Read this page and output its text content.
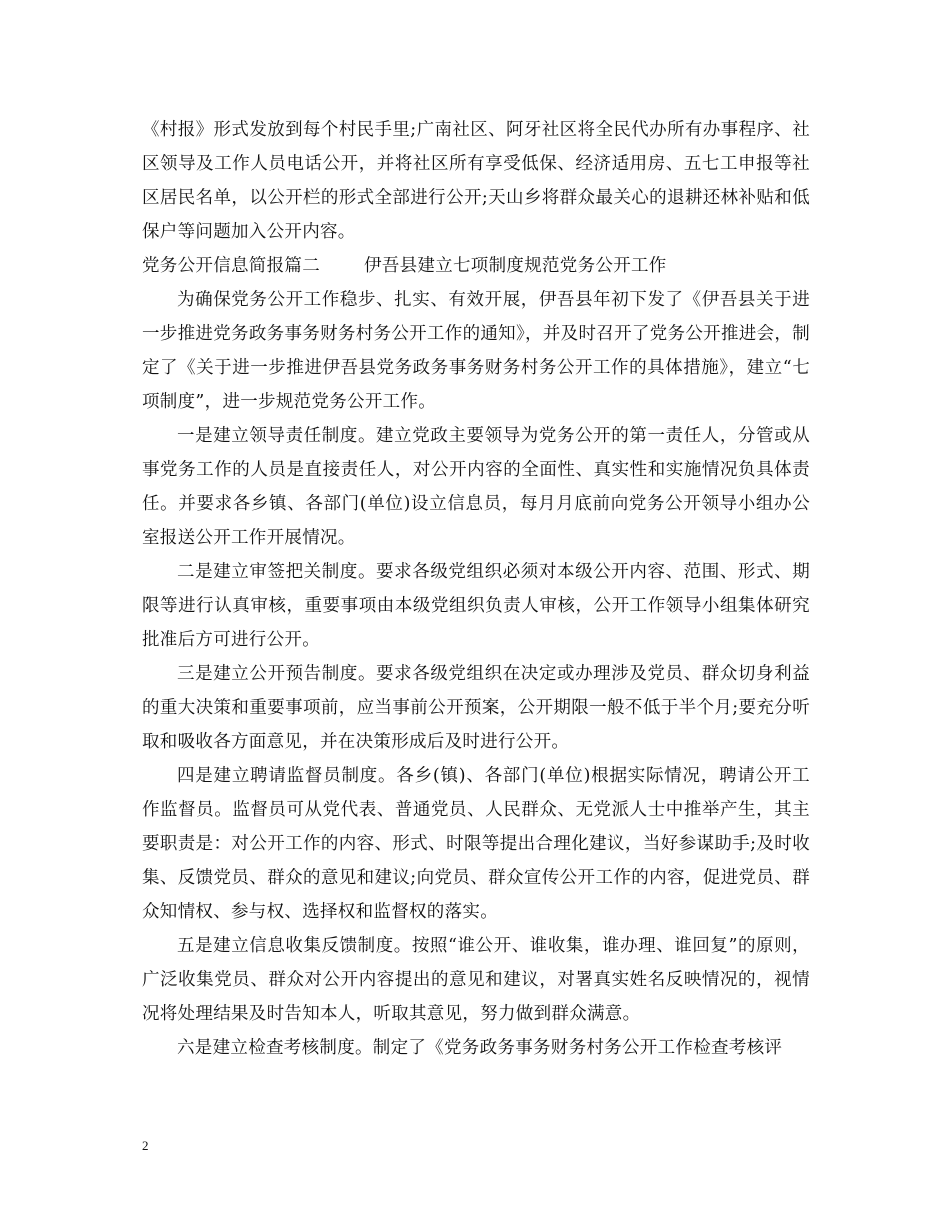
《村报》形式发放到每个村民手里;广南社区、阿牙社区将全民代办所有办事程序、社区领导及工作人员电话公开，并将社区所有享受低保、经济适用房、五七工申报等社区居民名单，以公开栏的形式全部进行公开;天山乡将群众最关心的退耕还林补贴和低保户等问题加入公开内容。

党务公开信息简报篇二	伊吾县建立七项制度规范党务公开工作

为确保党务公开工作稳步、扎实、有效开展，伊吾县年初下发了《伊吾县关于进一步推进党务政务事务财务村务公开工作的通知》，并及时召开了党务公开推进会，制定了《关于进一步推进伊吾县党务政务事务财务村务公开工作的具体措施》，建立“七项制度”，进一步规范党务公开工作。

一是建立领导责任制度。建立党政主要领导为党务公开的第一责任人，分管或从事党务工作的人员是直接责任人，对公开内容的全面性、真实性和实施情况负具体责任。并要求各乡镇、各部门(单位)设立信息员，每月月底前向党务公开领导小组办公室报送公开工作开展情况。

二是建立审签把关制度。要求各级党组织必须对本级公开内容、范围、形式、期限等进行认真审核，重要事项由本级党组织负责人审核，公开工作领导小组集体研究批准后方可进行公开。

三是建立公开预告制度。要求各级党组织在决定或办理涉及党员、群众切身利益的重大决策和重要事项前，应当事前公开预案，公开期限一般不低于半个月;要充分听取和吸收各方面意见，并在决策形成后及时进行公开。

四是建立聘请监督员制度。各乡(镇)、各部门(单位)根据实际情况，聘请公开工作监督员。监督员可从党代表、普通党员、人民群众、无党派人士中推举产生，其主要职责是：对公开工作的内容、形式、时限等提出合理化建议，当好参谋助手;及时收集、反馈党员、群众的意见和建议;向党员、群众宣传公开工作的内容，促进党员、群众知情权、参与权、选择权和监督权的落实。

五是建立信息收集反馈制度。按照“谁公开、谁收集，谁办理、谁回复”的原则，广泛收集党员、群众对公开内容提出的意见和建议，对署真实姓名反映情况的，视情况将处理结果及时告知本人，听取其意见，努力做到群众满意。

六是建立检查考核制度。制定了《党务政务事务财务村务公开工作检查考核评

2
